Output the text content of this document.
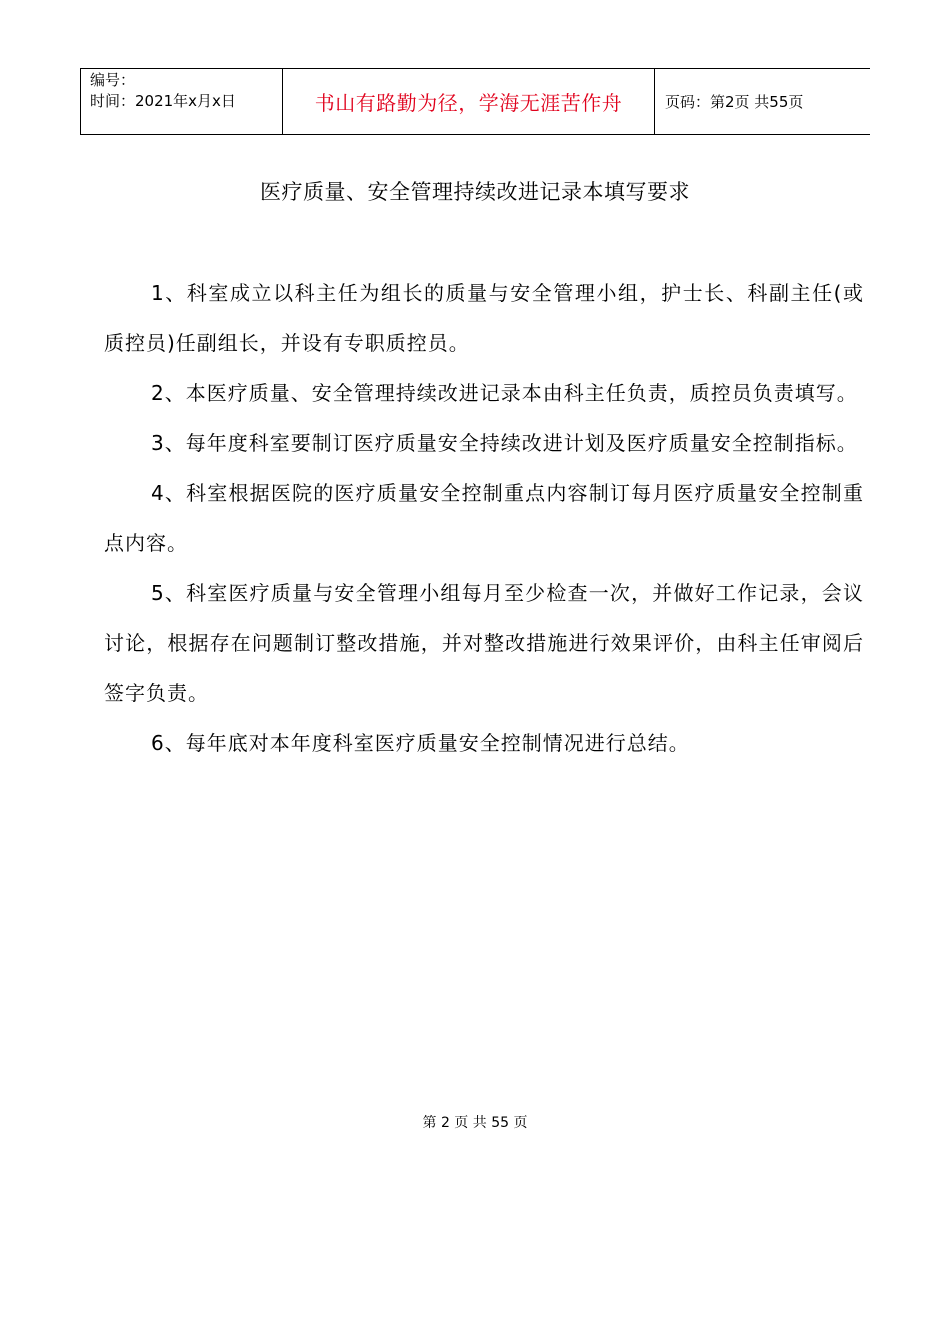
编号：
时间：2021年x月x日	书山有路勤为径，学海无涯苦作舟	页码：第2页 共55页
医疗质量、安全管理持续改进记录本填写要求

1、科室成立以科主任为组长的质量与安全管理小组，护士长、科副主任(或质控员)任副组长，并设有专职质控员。

2、本医疗质量、安全管理持续改进记录本由科主任负责，质控员负责填写。

3、每年度科室要制订医疗质量安全持续改进计划及医疗质量安全控制指标。

4、科室根据医院的医疗质量安全控制重点内容制订每月医疗质量安全控制重点内容。

5、科室医疗质量与安全管理小组每月至少检查一次，并做好工作记录，会议讨论，根据存在问题制订整改措施，并对整改措施进行效果评价，由科主任审阅后签字负责。

6、每年底对本年度科室医疗质量安全控制情况进行总结。

第 2 页 共 55 页
